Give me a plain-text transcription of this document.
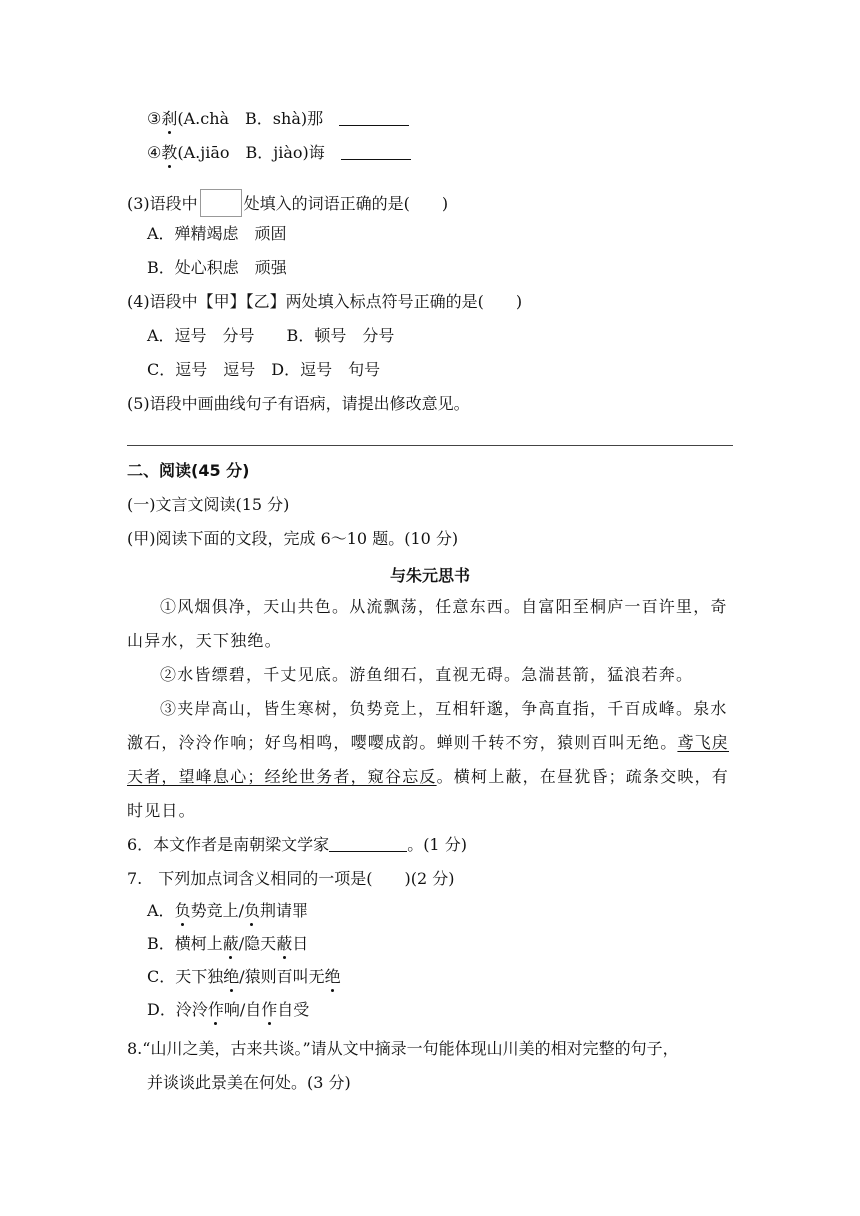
③刹(A.chà　B．shà)那
④教(A.jiāo　B．jiào)诲
(3)语段中	处填入的词语正确的是(　　)
A．殚精竭虑　顽固
B．处心积虑　顽强
(4)语段中【甲】【乙】两处填入标点符号正确的是(　　)
A．逗号　分号　　B．顿号　分号
C．逗号　逗号　D．逗号　句号
(5)语段中画曲线句子有语病，请提出修改意见。
二、阅读(45 分)
(一)文言文阅读(15 分)
(甲)阅读下面的文段，完成 6～10 题。(10 分)
与朱元思书
①风烟俱净，天山共色。从流飘荡，任意东西。自富阳至桐庐一百许里，奇
山异水，天下独绝。
②水皆缥碧，千丈见底。游鱼细石，直视无碍。急湍甚箭，猛浪若奔。
③夹岸高山，皆生寒树，负势竞上，互相轩邈，争高直指，千百成峰。泉水
激石，泠泠作响；好鸟相鸣，嘤嘤成韵。蝉则千转不穷，猿则百叫无绝。鸢飞戾
天者，望峰息心；经纶世务者，窥谷忘反。横柯上蔽，在昼犹昏；疏条交映，有
时见日。
6．本文作者是南朝梁文学家	。(1 分)
7.　下列加点词含义相同的一项是(　　)(2 分)
A．负势竞上/负荆请罪
B．横柯上蔽/隐天蔽日
C．天下独绝/猿则百叫无绝
D．泠泠作响/自作自受
8.“山川之美，古来共谈。”请从文中摘录一句能体现山川美的相对完整的句子，
并谈谈此景美在何处。(3 分)
